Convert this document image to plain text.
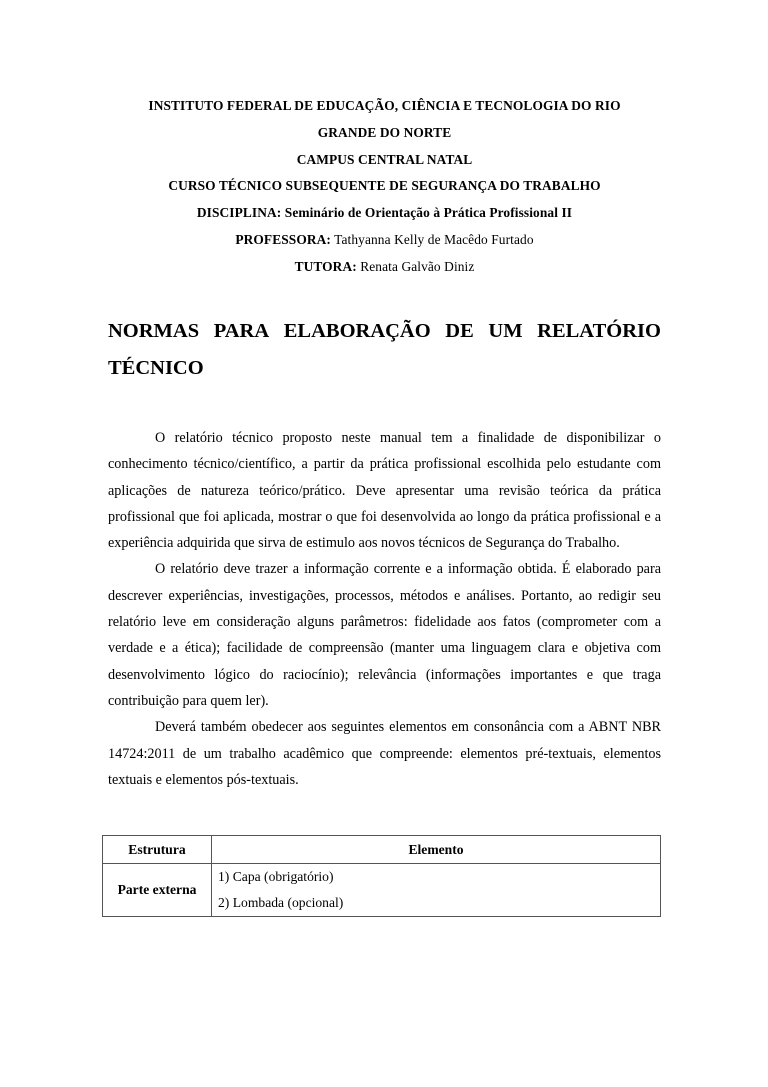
INSTITUTO FEDERAL DE EDUCAÇÃO, CIÊNCIA E TECNOLOGIA DO RIO
GRANDE DO NORTE
CAMPUS CENTRAL NATAL
CURSO TÉCNICO SUBSEQUENTE DE SEGURANÇA DO TRABALHO
DISCIPLINA: Seminário de Orientação à Prática Profissional II
PROFESSORA: Tathyanna Kelly de Macêdo Furtado
TUTORA: Renata Galvão Diniz
NORMAS PARA ELABORAÇÃO DE UM RELATÓRIO
TÉCNICO

O relatório técnico proposto neste manual tem a finalidade de disponibilizar o conhecimento técnico/científico, a partir da prática profissional escolhida pelo estudante com aplicações de natureza teórico/prático. Deve apresentar uma revisão teórica da prática profissional que foi aplicada, mostrar o que foi desenvolvida ao longo da prática profissional e a experiência adquirida que sirva de estimulo aos novos técnicos de Segurança do Trabalho.

O relatório deve trazer a informação corrente e a informação obtida. É elaborado para descrever experiências, investigações, processos, métodos e análises. Portanto, ao redigir seu relatório leve em consideração alguns parâmetros: fidelidade aos fatos (comprometer com a verdade e a ética); facilidade de compreensão (manter uma linguagem clara e objetiva com desenvolvimento lógico do raciocínio); relevância (informações importantes e que traga contribuição para quem ler).

Deverá também obedecer aos seguintes elementos em consonância com a ABNT NBR 14724:2011 de um trabalho acadêmico que compreende: elementos pré-textuais, elementos textuais e elementos pós-textuais.

Estrutura	Elemento
Parte externa	1) Capa (obrigatório)
2) Lombada (opcional)
